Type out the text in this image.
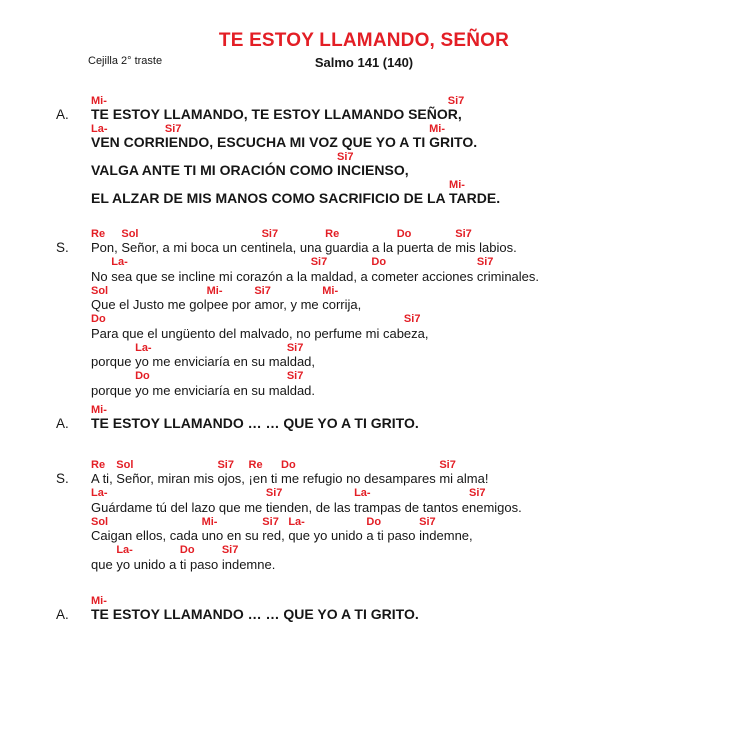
TE ESTOY LLAMANDO, SEÑOR
Cejilla 2° traste	Salmo 141 (140)
A.
Mi-
TE ESTOY LLAMANDO, TE ESTOY LLAMANDO SEÑO
Si7
R,
La-
VEN CORR
Si7
IENDO, ESCUCHA MI VOZ QUE YO A TI
Mi-
GRITO.
VALGA ANTE TI MI ORACIÓN COMO
Si7
INCIENSO,
EL ALZAR DE MIS MANOS COMO SACRIFICIO DE LA
Mi-
TARDE.
S.
Re
Pon,
Sol
Señor, a mi boca un cen
Si7
tinela, una
Re
guardia a la
Do
puerta de
Si7
mis labios.
No
La-
sea que se incline mi corazón a la
Si7
maldad, a
Do
cometer acciones
Si7
criminales.
Sol
Que el Justo me gol
Mi-
pee por
Si7
amor, y me
Mi-
corrija,
Do
Para que el ungüento del malvado, no perfume mi cab
Si7
eza,
porque
La-
yo me enviciaría en su ma
Si7
ldad,
porque
Do
yo me enviciaría en su ma
Si7
ldad.
A.
Mi-
TE ESTOY LLAMANDO … … QUE YO A TI GRITO.
S.
Re
A ti,
Sol
Señor, miran mis
Si7
ojos,
Re
¡en ti
Do
me refugio no desampares
Si7
mi alma!
La-
Guárdame tú del lazo que me
Si7
tienden, de las
La-
trampas de tantos e
Si7
nemigos.
Sol
Caigan ellos, cada
Mi-
uno en su
Si7
red,
La-
que yo unido
Do
a ti paso
Si7
indemne,
que
La-
yo unido a
Do
ti paso
Si7
indemne.
A.
Mi-
TE ESTOY LLAMANDO … … QUE YO A TI GRITO.
